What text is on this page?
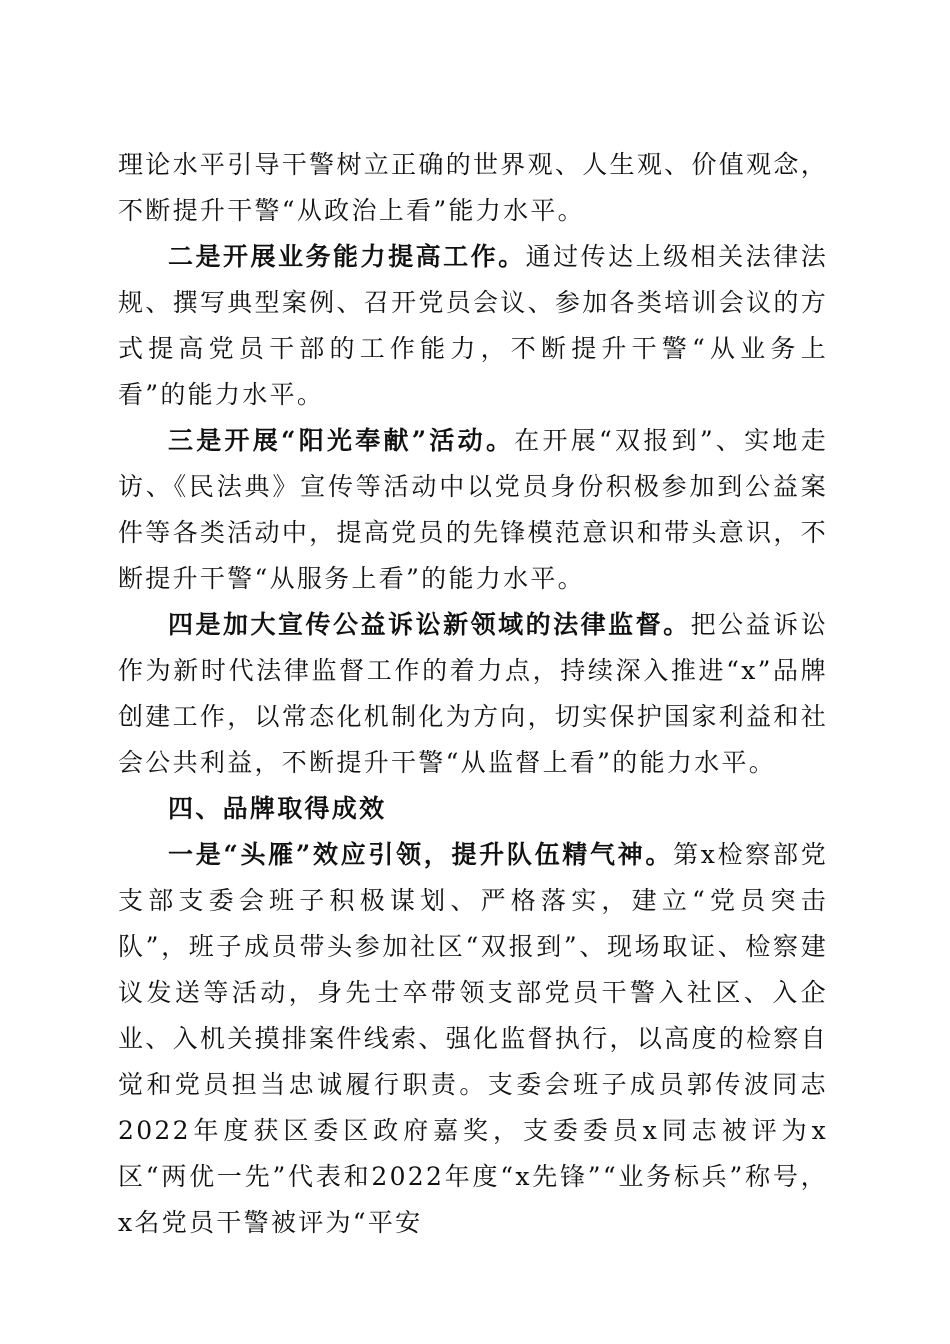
理论水平引导干警树立正确的世界观、人生观、价值观念，不断提升干警“从政治上看”能力水平。

二是开展业务能力提高工作。通过传达上级相关法律法规、撰写典型案例、召开党员会议、参加各类培训会议的方式提高党员干部的工作能力，不断提升干警“从业务上看”的能力水平。

三是开展“阳光奉献”活动。在开展“双报到”、实地走访、《民法典》宣传等活动中以党员身份积极参加到公益案件等各类活动中，提高党员的先锋模范意识和带头意识，不断提升干警“从服务上看”的能力水平。

四是加大宣传公益诉讼新领域的法律监督。把公益诉讼作为新时代法律监督工作的着力点，持续深入推进“x”品牌创建工作，以常态化机制化为方向，切实保护国家利益和社会公共利益，不断提升干警“从监督上看”的能力水平。

四、品牌取得成效

一是“头雁”效应引领，提升队伍精气神。第x检察部党支部支委会班子积极谋划、严格落实，建立“党员突击队”，班子成员带头参加社区“双报到”、现场取证、检察建议发送等活动，身先士卒带领支部党员干警入社区、入企业、入机关摸排案件线索、强化监督执行，以高度的检察自觉和党员担当忠诚履行职责。支委会班子成员郭传波同志2022年度获区委区政府嘉奖，支委委员x同志被评为x区“两优一先”代表和2022年度“x先锋”“业务标兵”称号，x名党员干警被评为“平安
